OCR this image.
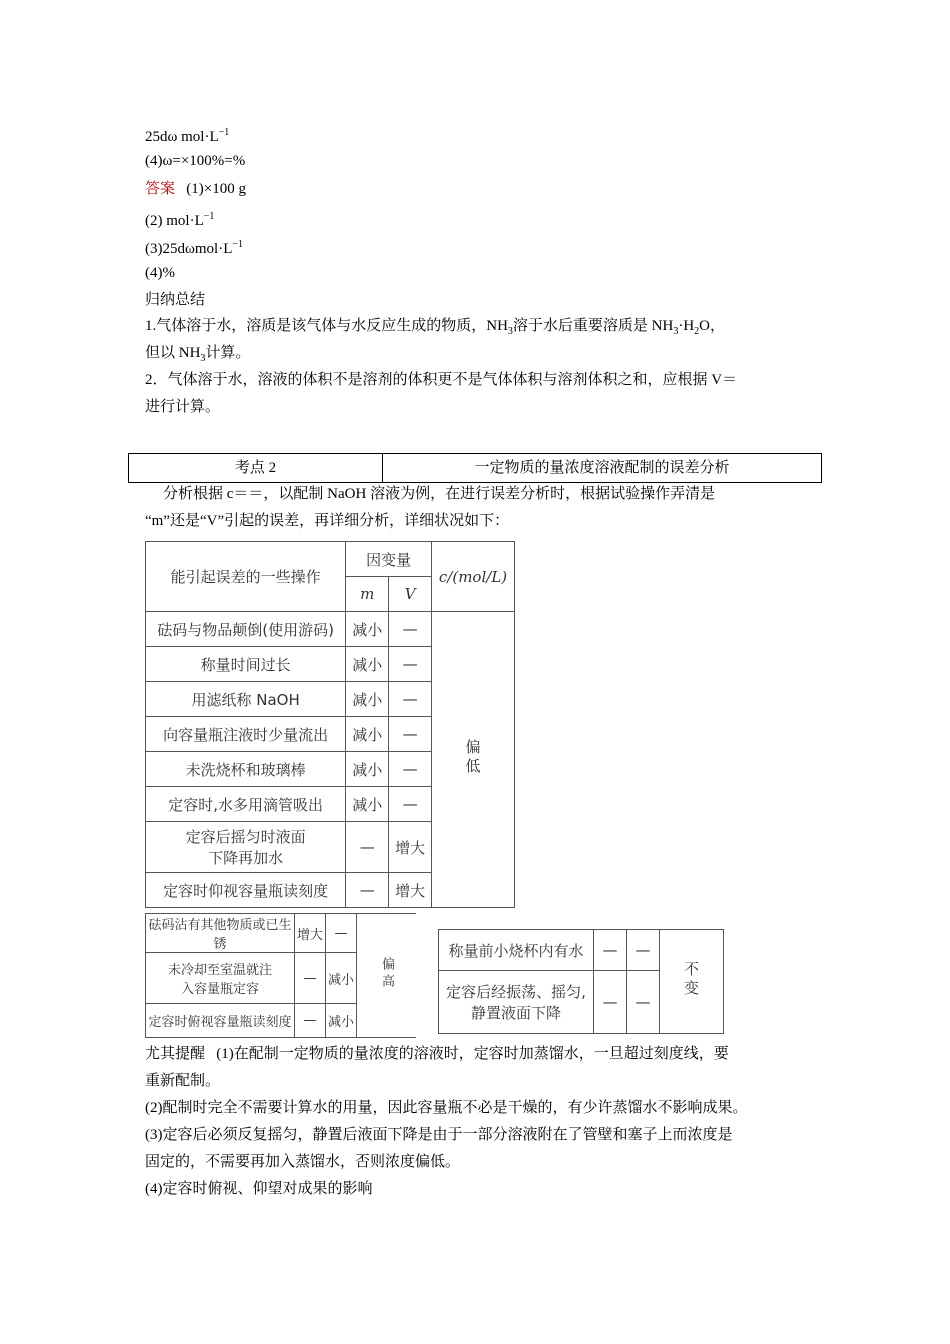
25dω $mol\cdot L^{-1}$
(4)ω=×100%=%
答案 (1)×100 g
(2) $mol\cdot L^{-1}$
$(3)25d\omega mol\cdot L^{-1}$
(4)%
归纳总结
1.气体溶于水，溶质是该气体与水反应生成的物质，$NH_3$溶于水后重要溶质是 $NH_3\cdot H_2O$，
但以 $NH_3$计算。
2．气体溶于水，溶液的体积不是溶剂的体积更不是气体体积与溶剂体积之和，应根据 V＝
进行计算。
考点 2	一定物质的量浓度溶液配制的误差分析
分析根据 c＝＝，以配制 NaOH 溶液为例，在进行误差分析时，根据试验操作弄清是
“m”还是“V”引起的误差，再详细分析，详细状况如下：
能引起误差的一些操作	因变量		c/(mol/L)
	m	V	
砝码与物品颠倒(使用游码)	减小	—	偏低
称量时间过长	减小	—	
用滤纸称 NaOH	减小	—	
向容量瓶注液时少量流出	减小	—	
未洗烧杯和玻璃棒	减小	—	
定容时,水多用滴管吸出	减小	—	

定容后摇匀时液面
下降再加水	—	增大	
定容时仰视容量瓶读刻度	—	增大	
砝码沾有其他物质或已生锈	增大	—	偏高

未冷却至室温就注
入容量瓶定容	—	减小	
定容时俯视容量瓶读刻度	—	减小	
称量前小烧杯内有水	—	—	不变

定容后经振荡、摇匀,
静置液面下降	—	—	
尤其提醒 (1)在配制一定物质的量浓度的溶液时，定容时加蒸馏水，一旦超过刻度线，要
重新配制。
(2)配制时完全不需要计算水的用量，因此容量瓶不必是干燥的，有少许蒸馏水不影响成果。
(3)定容后必须反复摇匀，静置后液面下降是由于一部分溶液附在了管壁和塞子上而浓度是
固定的，不需要再加入蒸馏水，否则浓度偏低。
(4)定容时俯视、仰望对成果的影响
